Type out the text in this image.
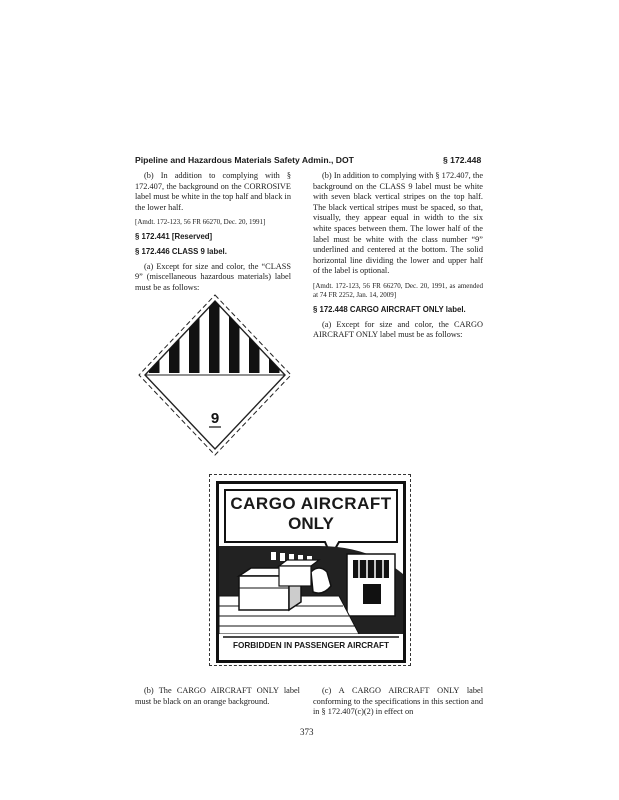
Pipeline and Hazardous Materials Safety Admin., DOT	§ 172.448

(b) In addition to complying with § 172.407, the background on the CORROSIVE label must be white in the top half and black in the lower half.

[Amdt. 172-123, 56 FR 66270, Dec. 20, 1991]

§ 172.441 [Reserved]

§ 172.446 CLASS 9 label.

(a) Except for size and color, the “CLASS 9” (miscellaneous hazardous materials) label must be as follows:

9

(b) In addition to complying with § 172.407, the background on the CLASS 9 label must be white with seven black vertical stripes on the top half. The black vertical stripes must be spaced, so that, visually, they appear equal in width to the six white spaces between them. The lower half of the label must be white with the class number “9” underlined and centered at the bottom. The solid horizontal line dividing the lower and upper half of the label is optional.

[Amdt. 172-123, 56 FR 66270, Dec. 20, 1991, as amended at 74 FR 2252, Jan. 14, 2009]

§ 172.448 CARGO AIRCRAFT ONLY label.

(a) Except for size and color, the CARGO AIRCRAFT ONLY label must be as follows:

CARGO AIRCRAFT
ONLY
FORBIDDEN IN PASSENGER AIRCRAFT

(b) The CARGO AIRCRAFT ONLY label must be black on an orange background.

(c) A CARGO AIRCRAFT ONLY label conforming to the specifications in this section and in § 172.407(c)(2) in effect on

373
